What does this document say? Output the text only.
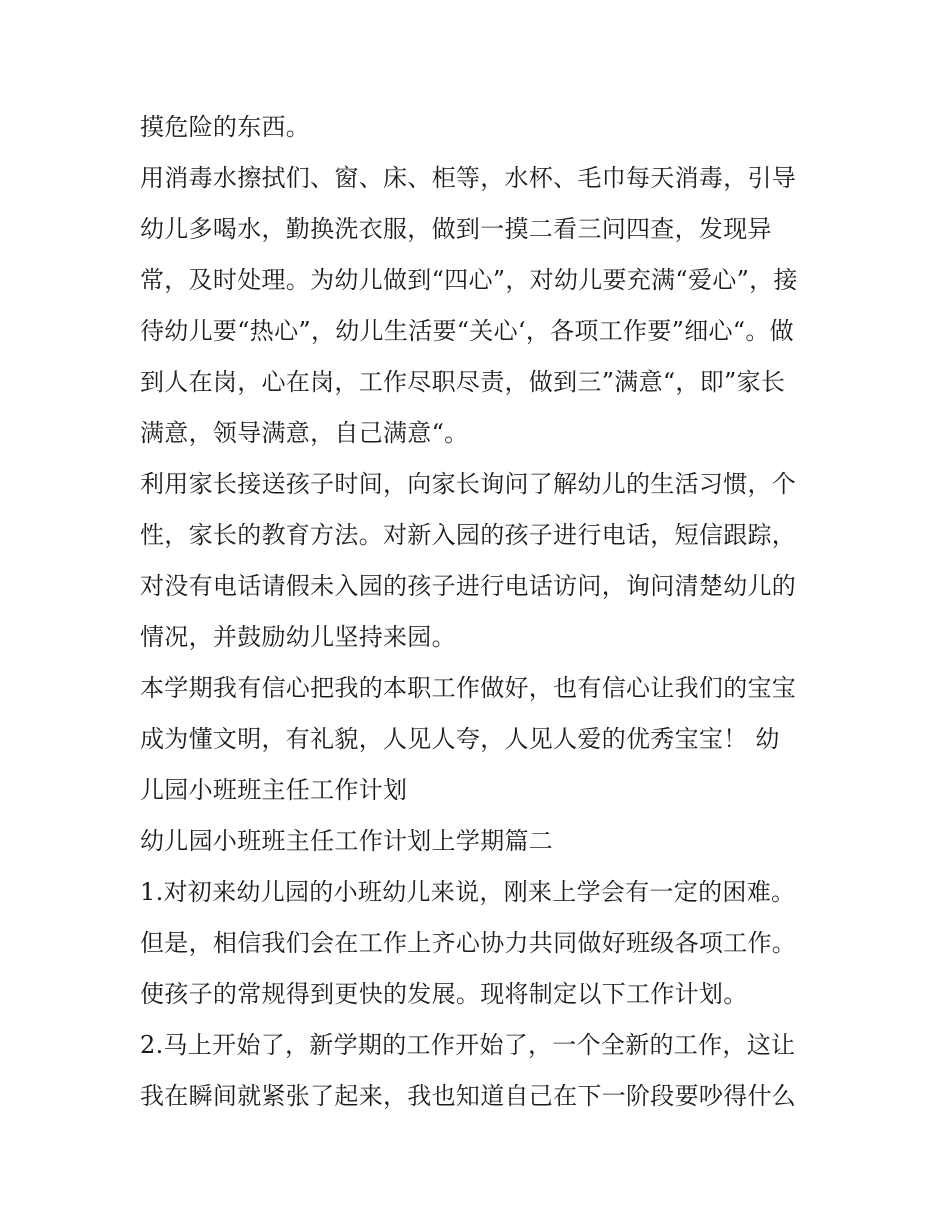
摸危险的东西。

用消毒水擦拭们、窗、床、柜等，水杯、毛巾每天消毒，引导
幼儿多喝水，勤换洗衣服，做到一摸二看三问四查，发现异
常，及时处理。为幼儿做到“四心”，对幼儿要充满“爱心”，接
待幼儿要“热心”，幼儿生活要“关心‘，各项工作要”细心“。做
到人在岗，心在岗，工作尽职尽责，做到三”满意“，即”家长
满意，领导满意，自己满意“。

利用家长接送孩子时间，向家长询问了解幼儿的生活习惯，个
性，家长的教育方法。对新入园的孩子进行电话，短信跟踪，
对没有电话请假未入园的孩子进行电话访问，询问清楚幼儿的
情况，并鼓励幼儿坚持来园。

本学期我有信心把我的本职工作做好，也有信心让我们的宝宝
成为懂文明，有礼貌，人见人夸，人见人爱的优秀宝宝！ 幼
儿园小班班主任工作计划

幼儿园小班班主任工作计划上学期篇二

1.对初来幼儿园的小班幼儿来说，刚来上学会有一定的困难。
但是，相信我们会在工作上齐心协力共同做好班级各项工作。
使孩子的常规得到更快的发展。现将制定以下工作计划。

2.马上开始了，新学期的工作开始了，一个全新的工作，这让
我在瞬间就紧张了起来，我也知道自己在下一阶段要吵得什么
